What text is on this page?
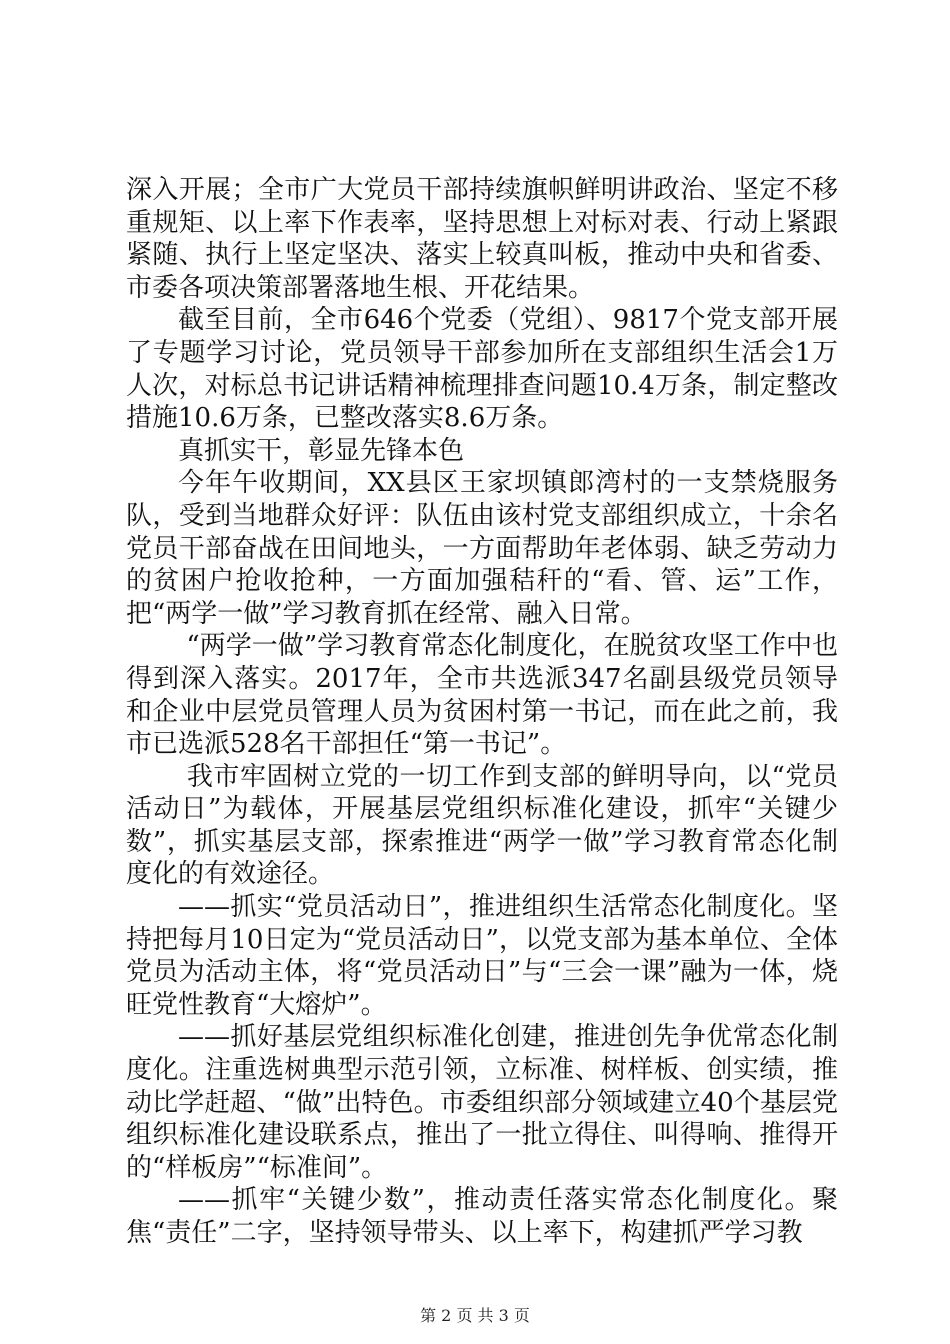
深入开展；全市广大党员干部持续旗帜鲜明讲政治、坚定不移重规矩、以上率下作表率，坚持思想上对标对表、行动上紧跟紧随、执行上坚定坚决、落实上较真叫板，推动中央和省委、市委各项决策部署落地生根、开花结果。

截至目前，全市646个党委（党组）、9817个党支部开展了专题学习讨论，党员领导干部参加所在支部组织生活会1万人次，对标总书记讲话精神梳理排查问题10.4万条，制定整改措施10.6万条，已整改落实8.6万条。

真抓实干，彰显先锋本色

今年午收期间，XX县区王家坝镇郎湾村的一支禁烧服务队，受到当地群众好评：队伍由该村党支部组织成立，十余名党员干部奋战在田间地头，一方面帮助年老体弱、缺乏劳动力的贫困户抢收抢种，一方面加强秸秆的“看、管、运”工作，把“两学一做”学习教育抓在经常、融入日常。

“两学一做”学习教育常态化制度化，在脱贫攻坚工作中也得到深入落实。2017年，全市共选派347名副县级党员领导和企业中层党员管理人员为贫困村第一书记，而在此之前，我市已选派528名干部担任“第一书记”。

我市牢固树立党的一切工作到支部的鲜明导向，以“党员活动日”为载体，开展基层党组织标准化建设，抓牢“关键少数”，抓实基层支部，探索推进“两学一做”学习教育常态化制度化的有效途径。

——抓实“党员活动日”，推进组织生活常态化制度化。坚持把每月10日定为“党员活动日”，以党支部为基本单位、全体党员为活动主体，将“党员活动日”与“三会一课”融为一体，烧旺党性教育“大熔炉”。

——抓好基层党组织标准化创建，推进创先争优常态化制度化。注重选树典型示范引领，立标准、树样板、创实绩，推动比学赶超、“做”出特色。市委组织部分领域建立40个基层党组织标准化建设联系点，推出了一批立得住、叫得响、推得开的“样板房”“标准间”。

——抓牢“关键少数”，推动责任落实常态化制度化。聚焦“责任”二字，坚持领导带头、以上率下，构建抓严学习教

第 2 页 共 3 页
